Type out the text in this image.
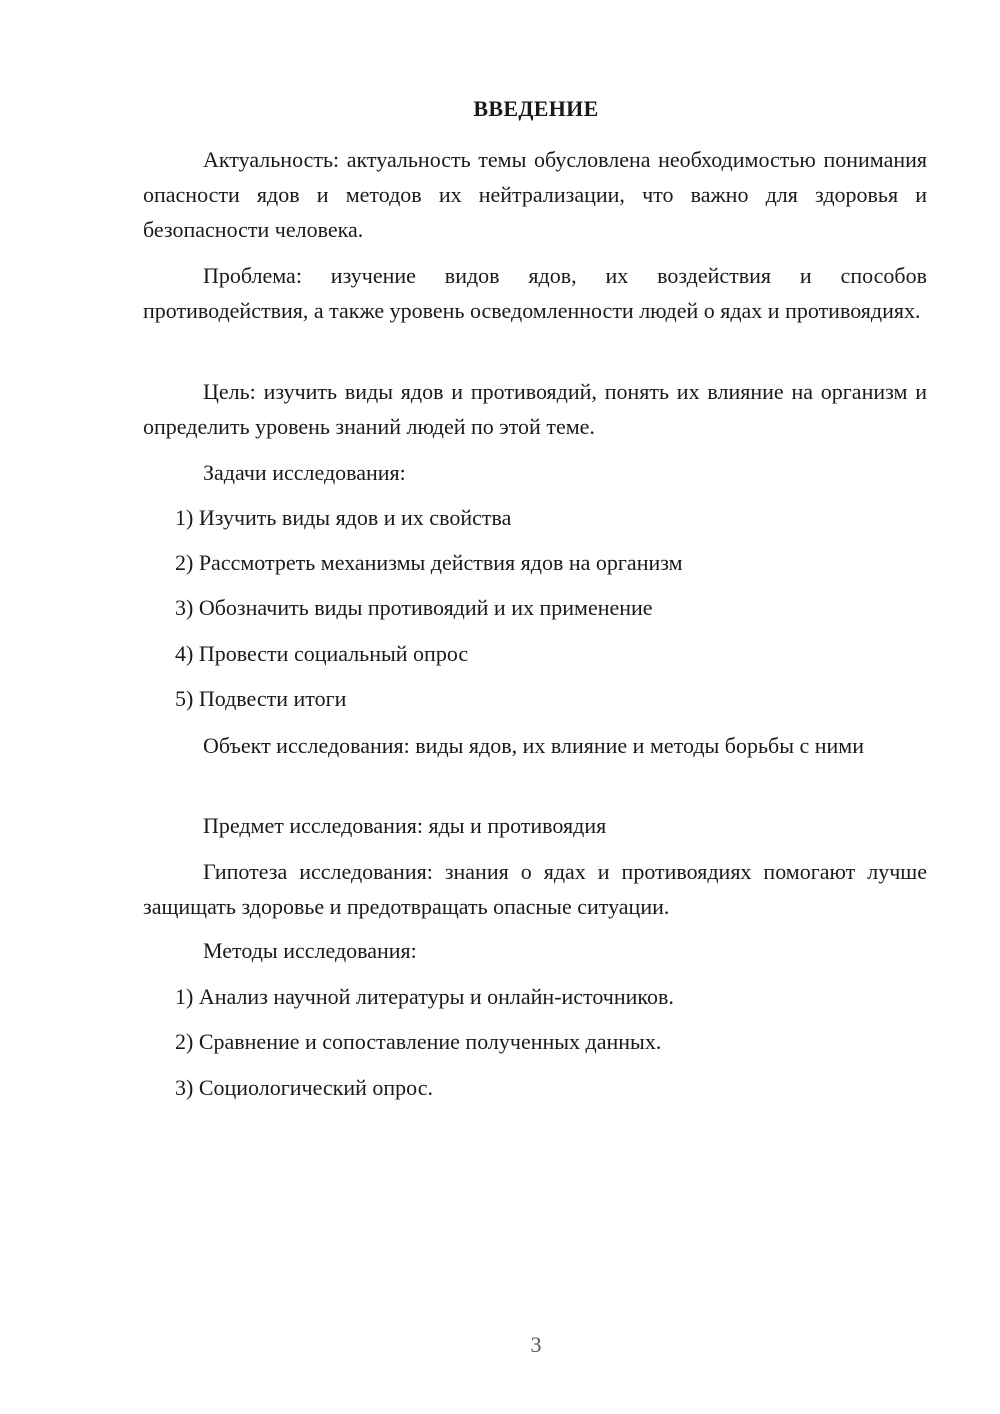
ВВЕДЕНИЕ

Актуальность: актуальность темы обусловлена необходимостью понимания опасности ядов и методов их нейтрализации, что важно для здоровья и безопасности человека.

Проблема: изучение видов ядов, их воздействия и способов противодействия, а также уровень осведомленности людей о ядах и противоядиях.

Цель: изучить виды ядов и противоядий, понять их влияние на организм и определить уровень знаний людей по этой теме.

Задачи исследования:

1) Изучить виды ядов и их свойства

2) Рассмотреть механизмы действия ядов на организм

3) Обозначить виды противоядий и их применение

4) Провести социальный опрос

5) Подвести итоги

Объект исследования: виды ядов, их влияние и методы борьбы с ними

Предмет исследования: яды и противоядия

Гипотеза исследования: знания о ядах и противоядиях помогают лучше защищать здоровье и предотвращать опасные ситуации.

Методы исследования:

1) Анализ научной литературы и онлайн-источников.

2) Сравнение и сопоставление полученных данных.

3) Социологический опрос.

3
